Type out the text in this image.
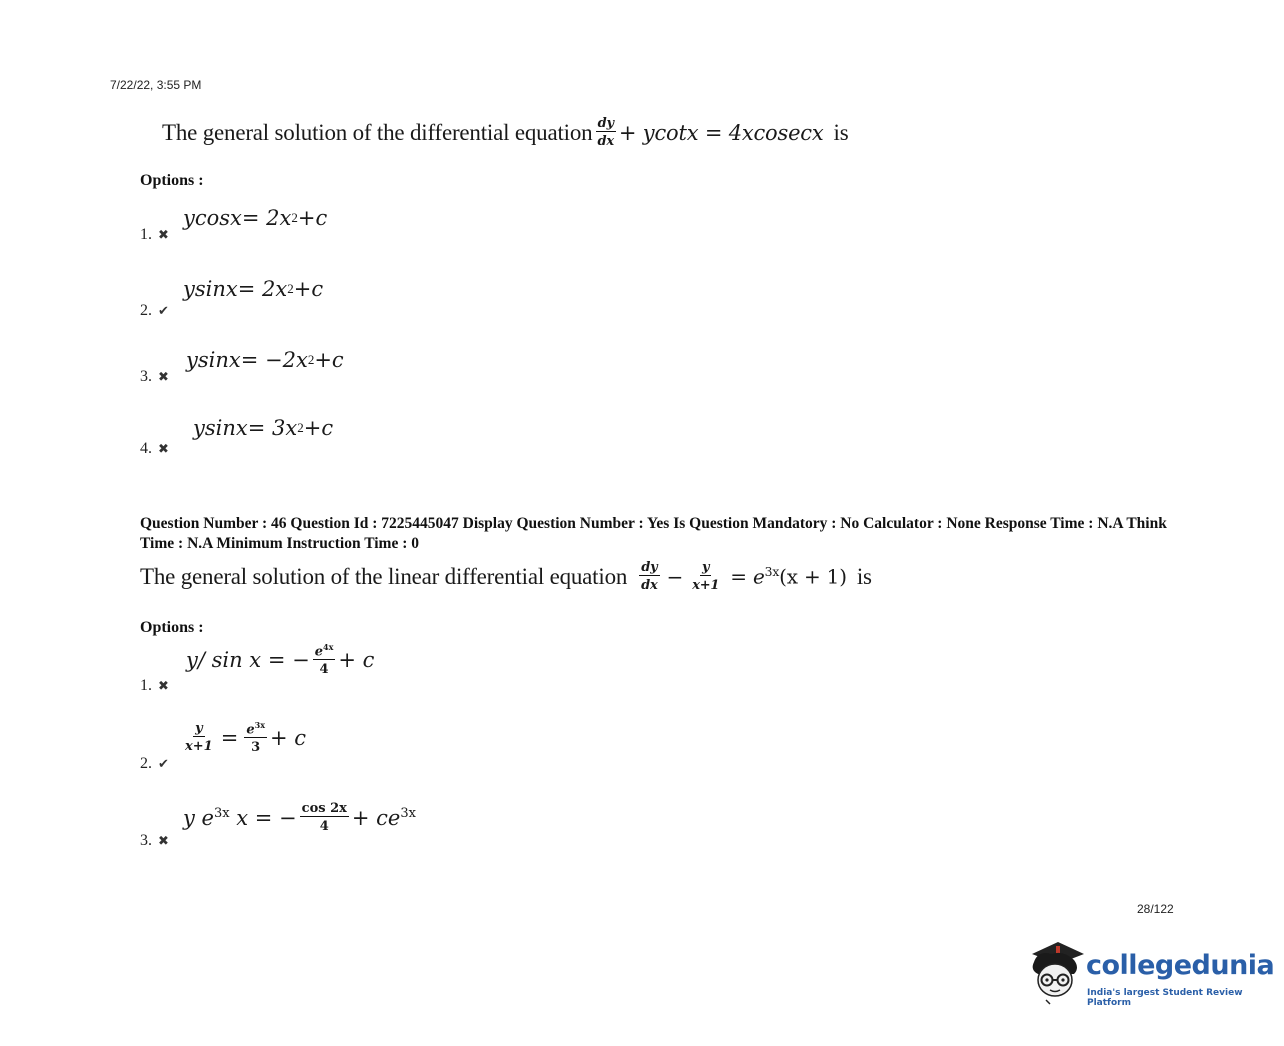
7/22/22, 3:55 PM
The general solution of the differential equation $\frac{dy}{dx} + ycotx = 4xcosecx$ is
Options :
1. ✖
ycosx = 2x 2 +c
2. ✔
ysinx = 2x 2 +c
3. ✖
ysinx = −2x 2 +c
4. ✖
ysinx = 3x 2 +c
Question Number : 46 Question Id : 7225445047 Display Question Number : Yes Is Question Mandatory : No Calculator : None Response Time : N.A Think Time : N.A Minimum Instruction Time : 0
The general solution of the linear differential equation $\frac{dy}{dx} - \frac{y}{x+1} = e^{3x}(x + 1)$ is
Options :
1. ✖
y/ sin x = − $\frac{e^{4x}}{4} + c$
2. ✔
$\frac{y}{x+1} = \frac{e^{3x}}{3} + c$
3. ✖
y $e^{3x}$ x = − $\frac{\cos 2x}{4} + ce^{3x}$
28/122
collegedunia
India's largest Student Review Platform
